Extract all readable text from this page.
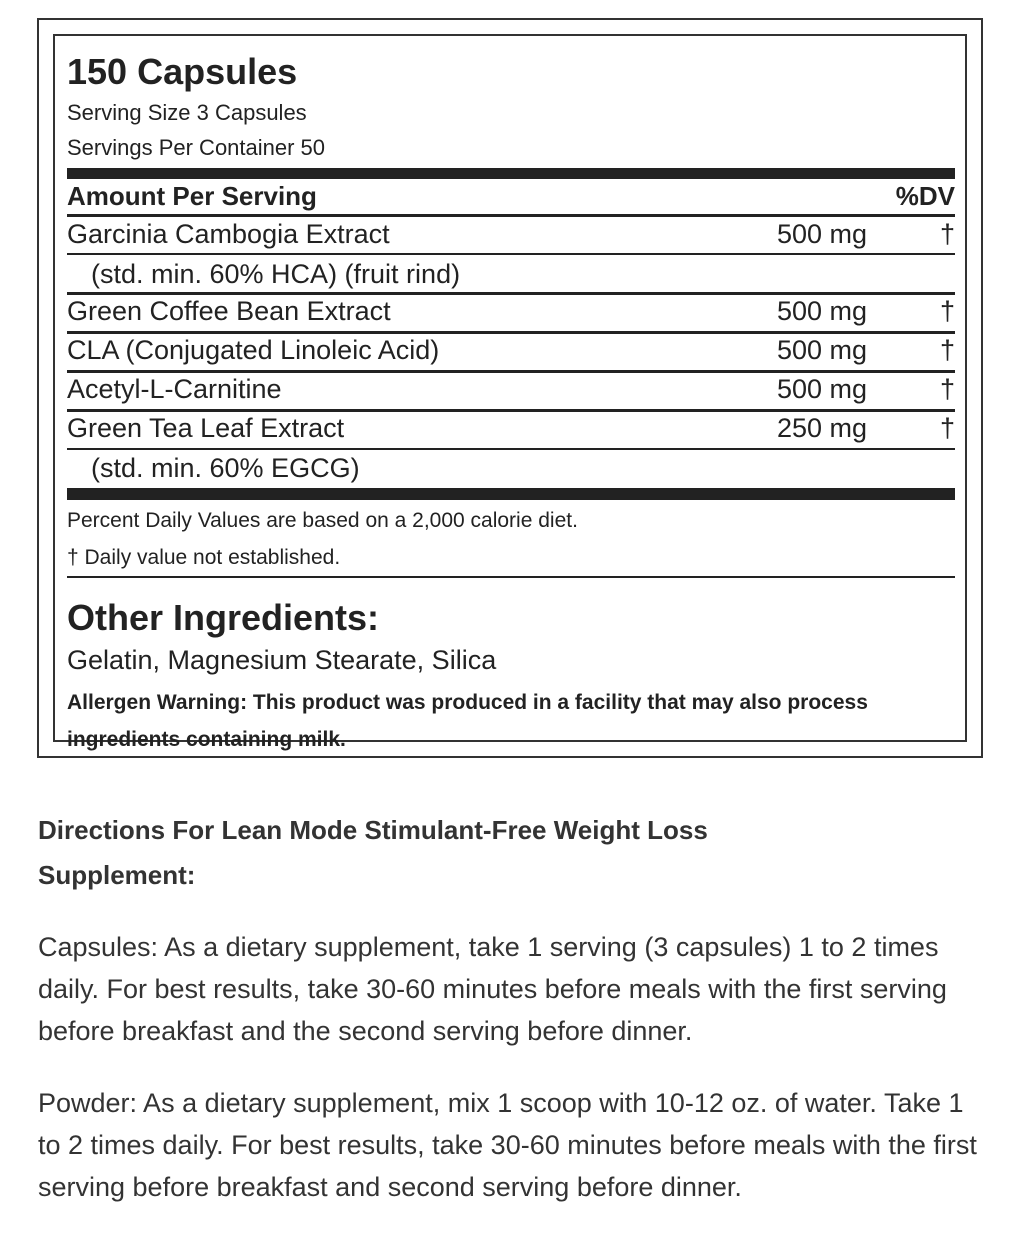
150 Capsules
Serving Size 3 Capsules
Servings Per Container 50
Amount Per Serving	%DV
Garcinia Cambogia Extract	500 mg	†
(std. min. 60% HCA) (fruit rind)
Green Coffee Bean Extract	500 mg	†
CLA (Conjugated Linoleic Acid)	500 mg	†
Acetyl-L-Carnitine	500 mg	†
Green Tea Leaf Extract	250 mg	†
(std. min. 60% EGCG)
Percent Daily Values are based on a 2,000 calorie diet.
† Daily value not established.
Other Ingredients:
Gelatin, Magnesium Stearate, Silica
Allergen Warning: This product was produced in a facility that may also process ingredients containing milk.
Directions For Lean Mode Stimulant-Free Weight Loss Supplement:
Capsules: As a dietary supplement, take 1 serving (3 capsules) 1 to 2 times daily. For best results, take 30-60 minutes before meals with the first serving before breakfast and the second serving before dinner.
Powder: As a dietary supplement, mix 1 scoop with 10-12 oz. of water. Take 1 to 2 times daily. For best results, take 30-60 minutes before meals with the first serving before breakfast and second serving before dinner.
